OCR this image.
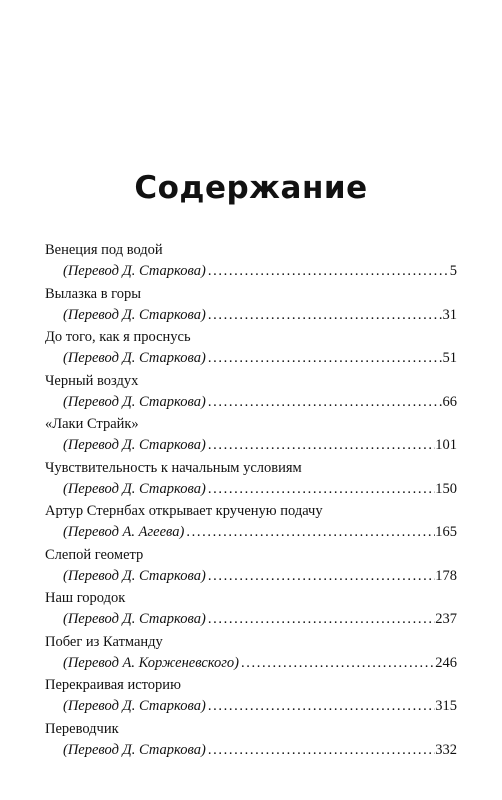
Содержание
Венеция под водой
(Перевод Д. Старкова) . . .	5
Вылазка в горы
(Перевод Д. Старкова) . . .	31
До того, как я проснусь
(Перевод Д. Старкова) . . .	51
Черный воздух
(Перевод Д. Старкова) . . .	66
«Лаки Страйк»
(Перевод Д. Старкова) . . .	101
Чувствительность к начальным условиям
(Перевод Д. Старкова) . . .	150
Артур Стернбах открывает крученую подачу
(Перевод А. Агеева) . . .	165
Слепой геометр
(Перевод Д. Старкова) . . .	178
Наш городок
(Перевод Д. Старкова) . . .	237
Побег из Катманду
(Перевод А. Корженевского) . . .	246
Перекраивая историю
(Перевод Д. Старкова) . . .	315
Переводчик
(Перевод Д. Старкова) . . .	332
